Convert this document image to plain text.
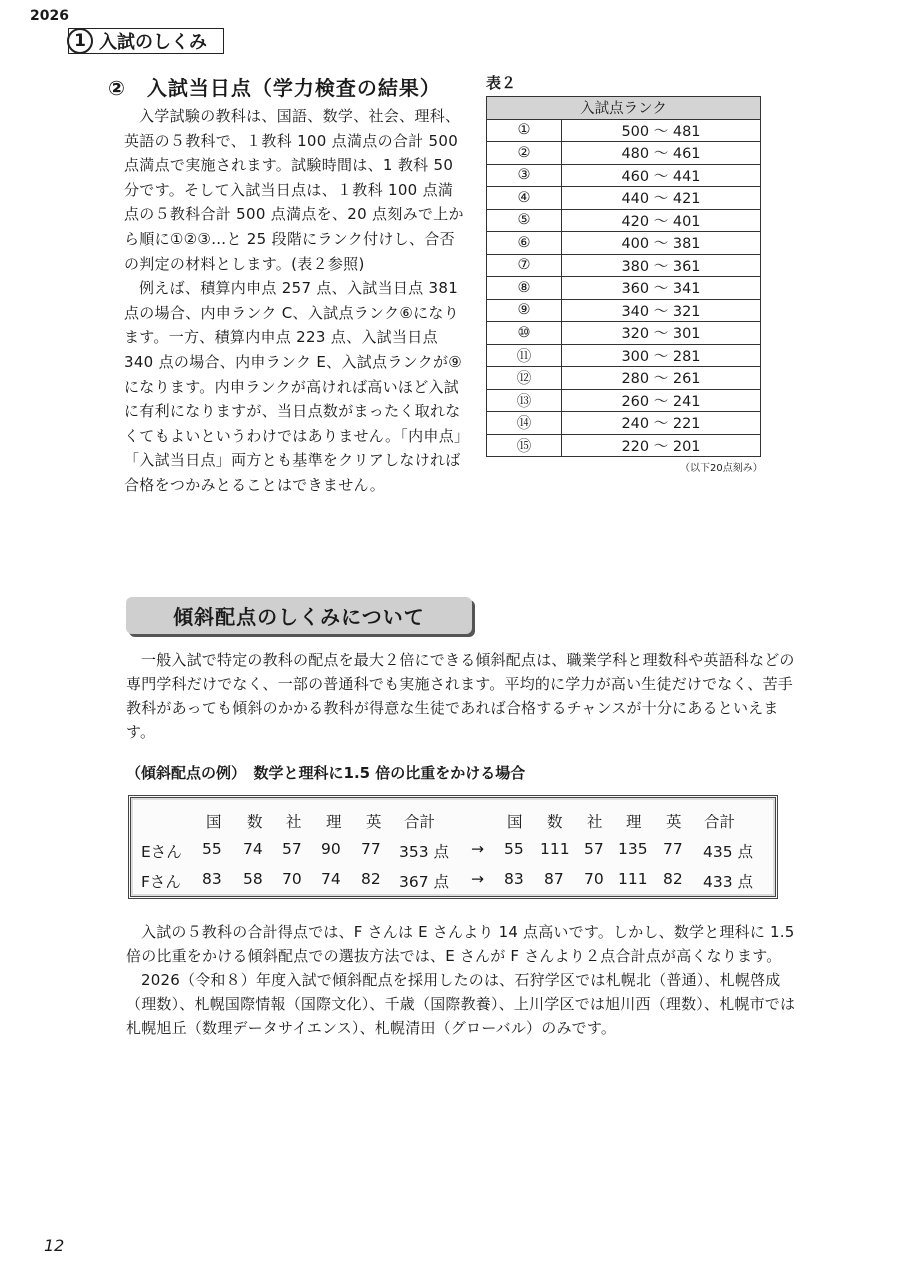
2026
1 入試のしくみ
②　入試当日点（学力検査の結果）

入学試験の教科は、国語、数学、社会、理科、英語の５教科で、１教科 100 点満点の合計 500 点満点で実施されます。試験時間は、1 教科 50 分です。そして入試当日点は、１教科 100 点満点の５教科合計 500 点満点を、20 点刻みで上から順に①②③…と 25 段階にランク付けし、合否の判定の材料とします。(表２参照)

例えば、積算内申点 257 点、入試当日点 381 点の場合、内申ランク C、入試点ランク⑥になります。一方、積算内申点 223 点、入試当日点 340 点の場合、内申ランク E、入試点ランクが⑨になります。内申ランクが高ければ高いほど入試に有利になりますが、当日点数がまったく取れなくてもよいというわけではありません。「内申点」「入試当日点」両方とも基準をクリアしなければ合格をつかみとることはできません。

表２
入試点ランク	
①	500 ～ 481
②	480 ～ 461
③	460 ～ 441
④	440 ～ 421
⑤	420 ～ 401
⑥	400 ～ 381
⑦	380 ～ 361
⑧	360 ～ 341
⑨	340 ～ 321
⑩	320 ～ 301
⑪	300 ～ 281
⑫	280 ～ 261
⑬	260 ～ 241
⑭	240 ～ 221
⑮	220 ～ 201
（以下20点刻み）
傾斜配点のしくみについて

一般入試で特定の教科の配点を最大２倍にできる傾斜配点は、職業学科と理数科や英語科などの専門学科だけでなく、一部の普通科でも実施されます。平均的に学力が高い生徒だけでなく、苦手教科があっても傾斜のかかる教科が得意な生徒であれば合格するチャンスが十分にあるといえます。

（傾斜配点の例）　数学と理科に1.5 倍の比重をかける場合
国 数 社 理 英 合計	国 数 社 理 英 合計
Eさん 55 74 57 90 77 353 点 → 55 111 57 135 77 435 点
Fさん 83 58 70 74 82 367 点 → 83 87 70 111 82 433 点

入試の５教科の合計得点では、F さんは E さんより 14 点高いです。しかし、数学と理科に 1.5 倍の比重をかける傾斜配点での選抜方法では、E さんが F さんより２点合計点が高くなります。

2026（令和８）年度入試で傾斜配点を採用したのは、石狩学区では札幌北（普通）、札幌啓成（理数）、札幌国際情報（国際文化）、千歳（国際教養）、上川学区では旭川西（理数）、札幌市では札幌旭丘（数理データサイエンス）、札幌清田（グローバル）のみです。

12
